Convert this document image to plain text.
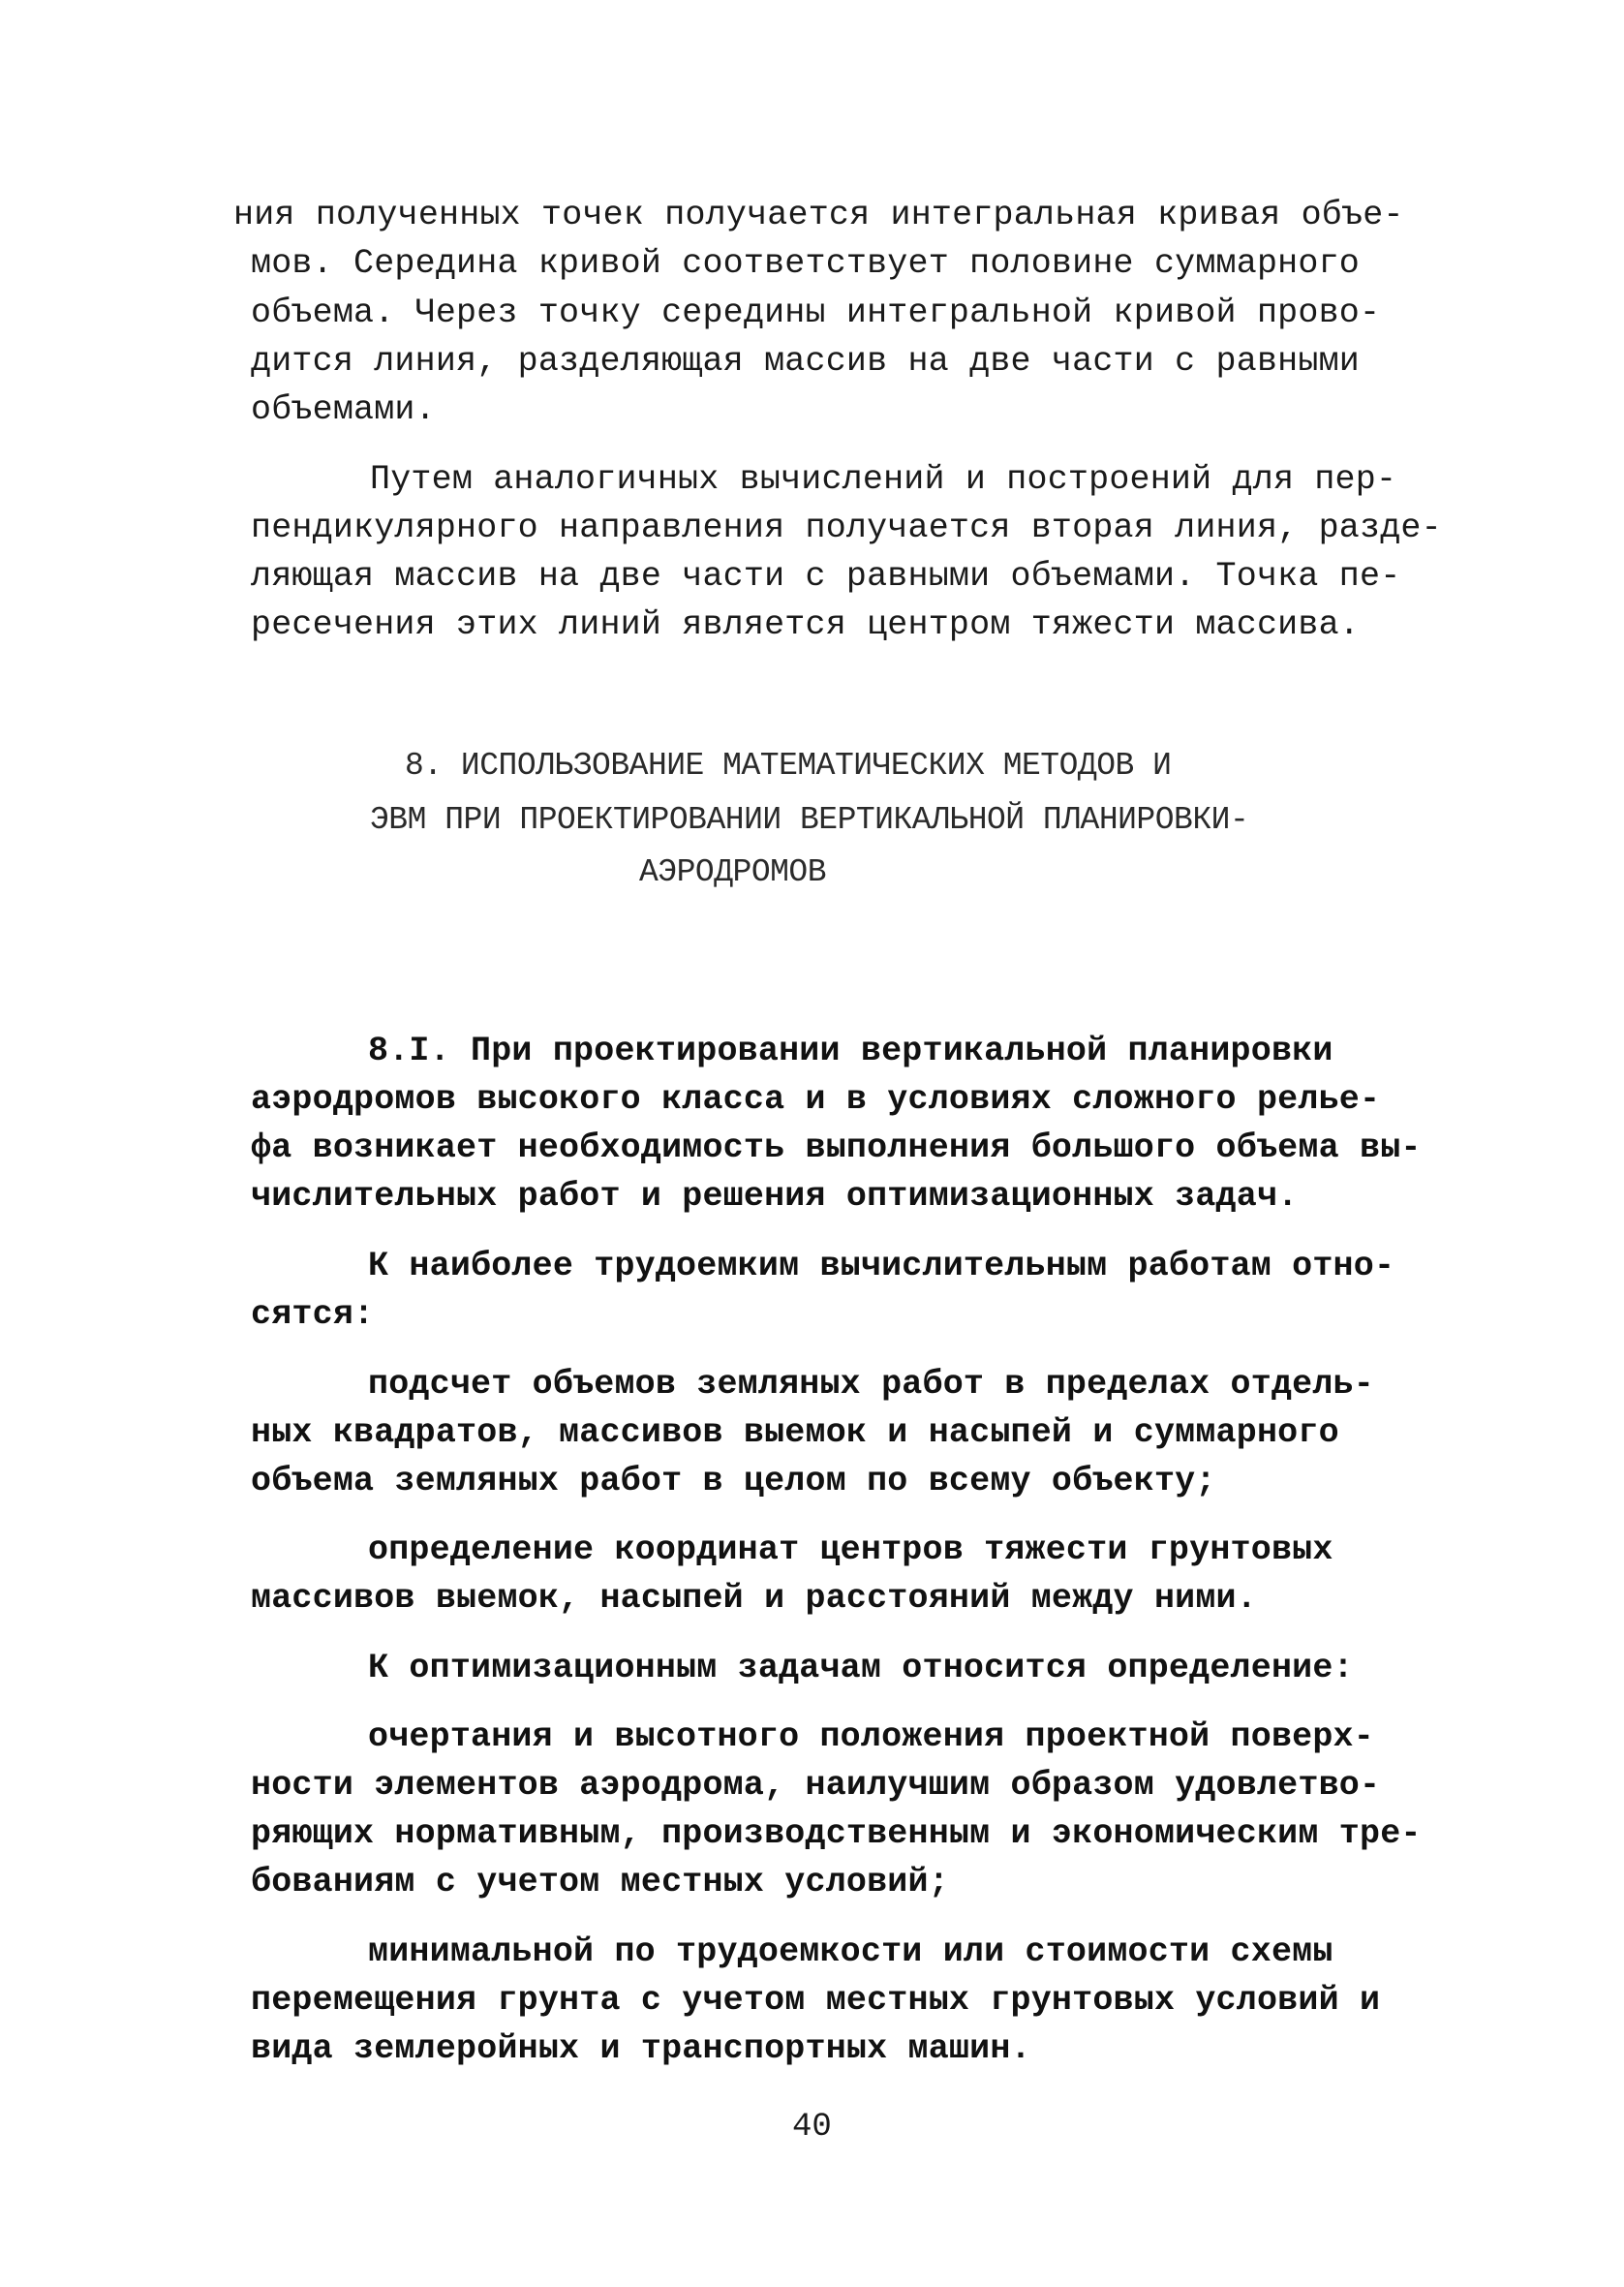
ния полученных точек получается интегральная кривая объе-
мов. Середина кривой соответствует половине суммарного
объема. Через точку середины интегральной кривой прово-
дится линия, разделяющая массив на две части с равными
объемами.
Путем аналогичных вычислений и построений для пер-
пендикулярного направления получается вторая линия, разде-
ляющая массив на две части с равными объемами. Точка пе-
ресечения этих линий является центром тяжести массива.
8. ИСПОЛЬЗОВАНИЕ МАТЕМАТИЧЕСКИХ МЕТОДОВ И
ЭВМ ПРИ ПРОЕКТИРОВАНИИ ВЕРТИКАЛЬНОЙ ПЛАНИРОВКИ-
АЭРОДРОМОВ
8.I. При проектировании вертикальной планировки
аэродромов высокого класса и в условиях сложного релье-
фа возникает необходимость выполнения большого объема вы-
числительных работ и решения оптимизационных задач.
К наиболее трудоемким вычислительным работам отно-
сятся:
подсчет объемов земляных работ в пределах отдель-
ных квадратов, массивов выемок и насыпей и суммарного
объема земляных работ в целом по всему объекту;
определение координат центров тяжести грунтовых
массивов выемок, насыпей и расстояний между ними.
К оптимизационным задачам относится определение:
очертания и высотного положения проектной поверх-
ности элементов аэродрома, наилучшим образом удовлетво-
ряющих нормативным, производственным и экономическим тре-
бованиям с учетом местных условий;
минимальной по трудоемкости или стоимости схемы
перемещения грунта с учетом местных грунтовых условий и
вида землеройных и транспортных машин.
40
